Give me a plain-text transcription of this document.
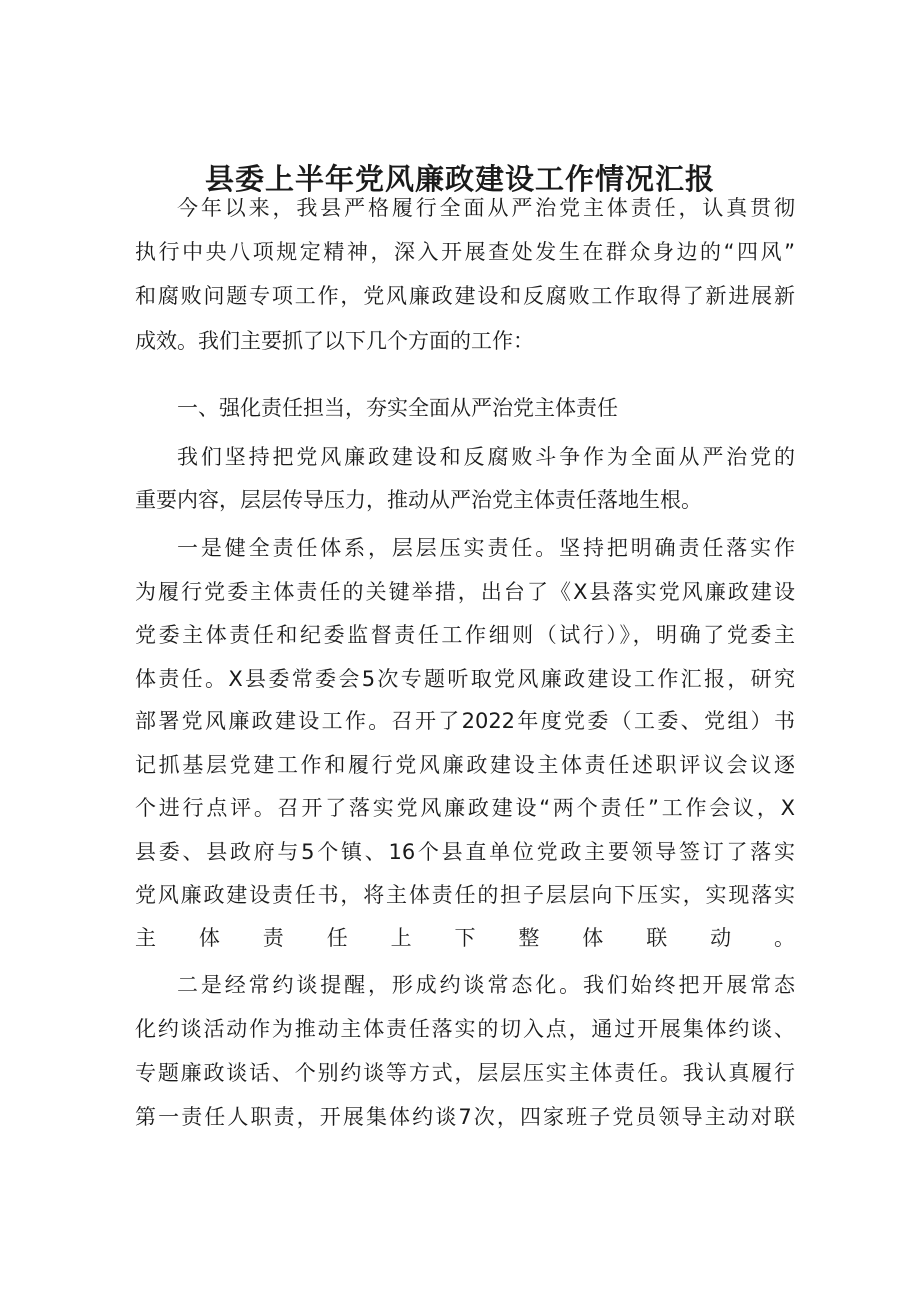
县委上半年党风廉政建设工作情况汇报

今年以来，我县严格履行全面从严治党主体责任，认真贯彻

执行中央八项规定精神，深入开展查处发生在群众身边的“四风”

和腐败问题专项工作，党风廉政建设和反腐败工作取得了新进展新

成效。我们主要抓了以下几个方面的工作：

一、强化责任担当，夯实全面从严治党主体责任

我们坚持把党风廉政建设和反腐败斗争作为全面从严治党的

重要内容，层层传导压力，推动从严治党主体责任落地生根。

一是健全责任体系，层层压实责任。坚持把明确责任落实作

为履行党委主体责任的关键举措，出台了《X县落实党风廉政建设

党委主体责任和纪委监督责任工作细则（试行）》，明确了党委主

体责任。X县委常委会5次专题听取党风廉政建设工作汇报，研究

部署党风廉政建设工作。召开了2022年度党委（工委、党组）书

记抓基层党建工作和履行党风廉政建设主体责任述职评议会议逐

个进行点评。召开了落实党风廉政建设“两个责任”工作会议，X

县委、县政府与5个镇、16个县直单位党政主要领导签订了落实

党风廉政建设责任书，将主体责任的担子层层向下压实，实现落实

主体责任上下整体联动。

二是经常约谈提醒，形成约谈常态化。我们始终把开展常态

化约谈活动作为推动主体责任落实的切入点，通过开展集体约谈、

专题廉政谈话、个别约谈等方式，层层压实主体责任。我认真履行

第一责任人职责，开展集体约谈7次，四家班子党员领导主动对联
